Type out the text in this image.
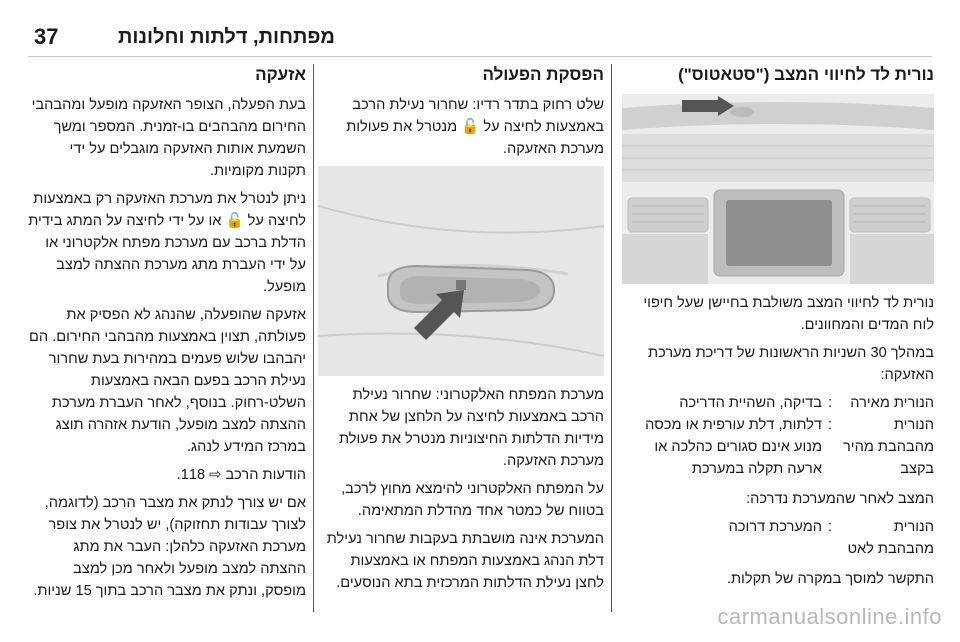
37	מפתחות, דלתות וחלונות
נורית לד לחיווי המצב ("סטאטוס")

נורית לד לחיווי המצב משולבת בחיישן שעל חיפוי לוח המדים והמחוונים.

במהלך 30 השניות הראשונות של דריכת מערכת האזעקה:

הנורית מאירה	:	בדיקה, השהיית הדריכה
הנורית מהבהבת מהיר בקצב	:	דלתות, דלת עורפית או מכסה מנוע אינם סגורים כהלכה או ארעה תקלה במערכת

המצב לאחר שהמערכת נדרכה:

הנורית מהבהבת לאט	:	המערכת דרוכה

התקשר למוסך במקרה של תקלות.

הפסקת הפעולה

שלט רחוק בתדר רדיו: שחרור נעילת הרכב באמצעות לחיצה על 🔓 מנטרל את פעולות מערכת האזעקה.

מערכת המפתח האלקטרוני: שחרור נעילת הרכב באמצעות לחיצה על הלחצן של אחת מידיות הדלתות החיצוניות מנטרל את פעולת מערכת האזעקה.

על המפתח האלקטרוני להימצא מחוץ לרכב, בטווח של כמטר אחד מהדלת המתאימה.

המערכת אינה מושבתת בעקבות שחרור נעילת דלת הנהג באמצעות המפתח או באמצעות לחצן נעילת הדלתות המרכזית בתא הנוסעים.

אזעקה

בעת הפעלה, הצופר האזעקה מופעל ומהבהבי החירום מהבהבים בו-זמנית. המספר ומשך השמעת אותות האזעקה מוגבלים על ידי תקנות מקומיות.

ניתן לנטרל את מערכת האזעקה רק באמצעות לחיצה על 🔓 או על ידי לחיצה על המתג בידית הדלת ברכב עם מערכת מפתח אלקטרוני או על ידי העברת מתג מערכת ההצתה למצב מופעל.

אזעקה שהופעלה, שהנהג לא הפסיק את פעולתה, תצוין באמצעות מהבהבי החירום. הם יהבהבו שלוש פעמים במהירות בעת שחרור נעילת הרכב בפעם הבאה באמצעות השלט-רחוק. בנוסף, לאחר העברת מערכת ההצתה למצב מופעל, הודעת אזהרה תוצג במרכז המידע לנהג.

הודעות הרכב ⇨ 118.

אם יש צורך לנתק את מצבר הרכב (לדוגמה, לצורך עבודות תחזוקה), יש לנטרל את צופר מערכת האזעקה כלהלן: העבר את מתג ההצתה למצב מופעל ולאחר מכן למצב מופסק, ונתק את מצבר הרכב בתוך 15 שניות.

carmanualsonline.info
